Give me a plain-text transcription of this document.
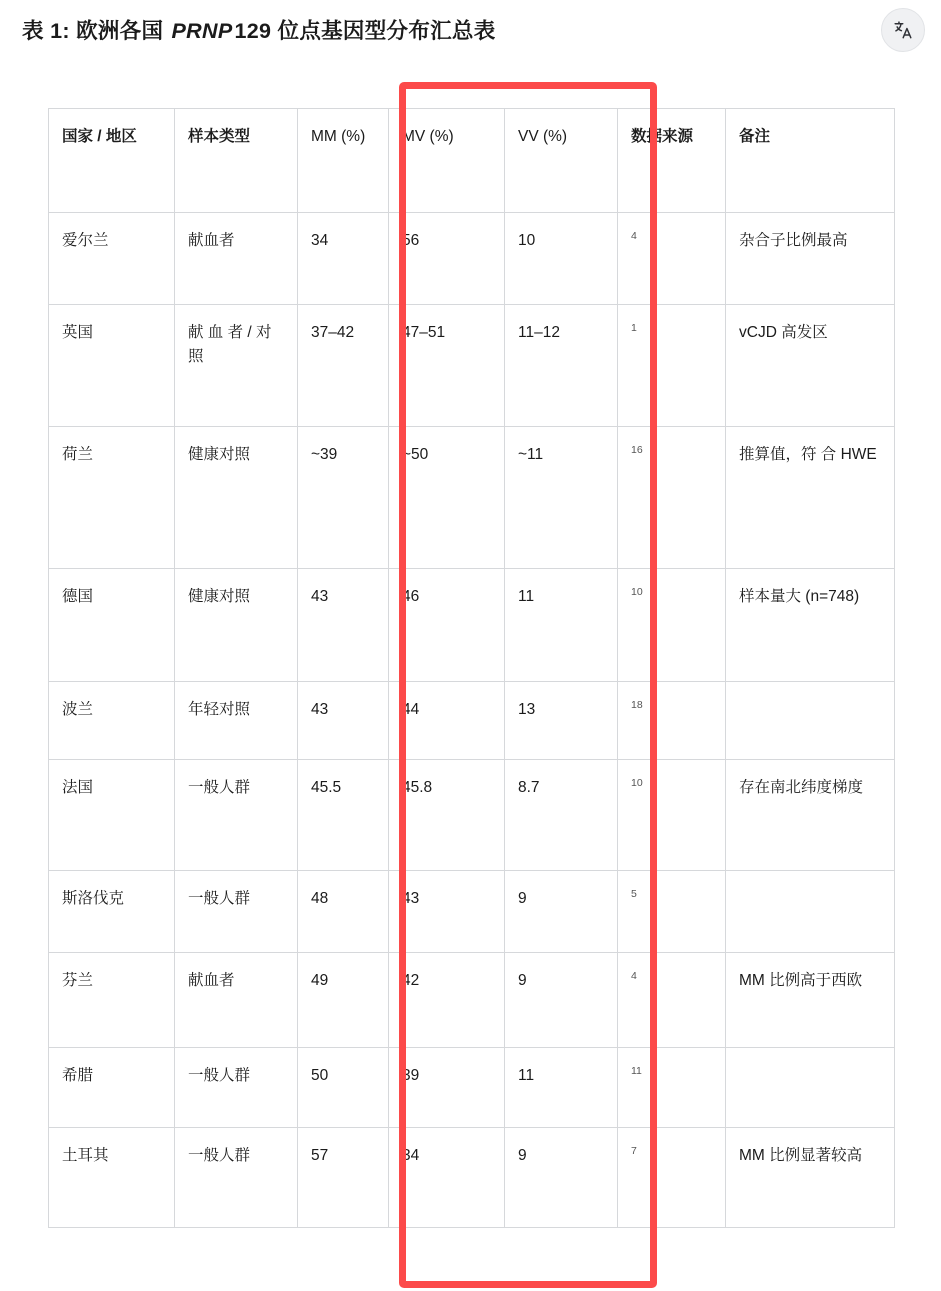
表 1: 欧洲各国 PRNP129 位点基因型分布汇总表
国家 / 地区	样本类型	MM (%)	MV (%)	VV (%)	数据来源	备注
爱尔兰	献血者	34	56	10	$^4$	杂合子比例最高
英国	献 血 者 / 对照	37–42	47–51	11–12	$^1$	vCJD 高发区
荷兰	健康对照	~39	~50	~11	$^{16}$	推算值，符 合 HWE
德国	健康对照	43	46	11	$^{10}$	样本量大 (n=748)
波兰	年轻对照	43	44	13	$^{18}$	
法国	一般人群	45.5	45.8	8.7	$^{10}$	存在南北纬度梯度
斯洛伐克	一般人群	48	43	9	$^5$	
芬兰	献血者	49	42	9	$^4$	MM 比例高于西欧
希腊	一般人群	50	39	11	$^{11}$	
土耳其	一般人群	57	34	9	$^7$	MM 比例显著较高
